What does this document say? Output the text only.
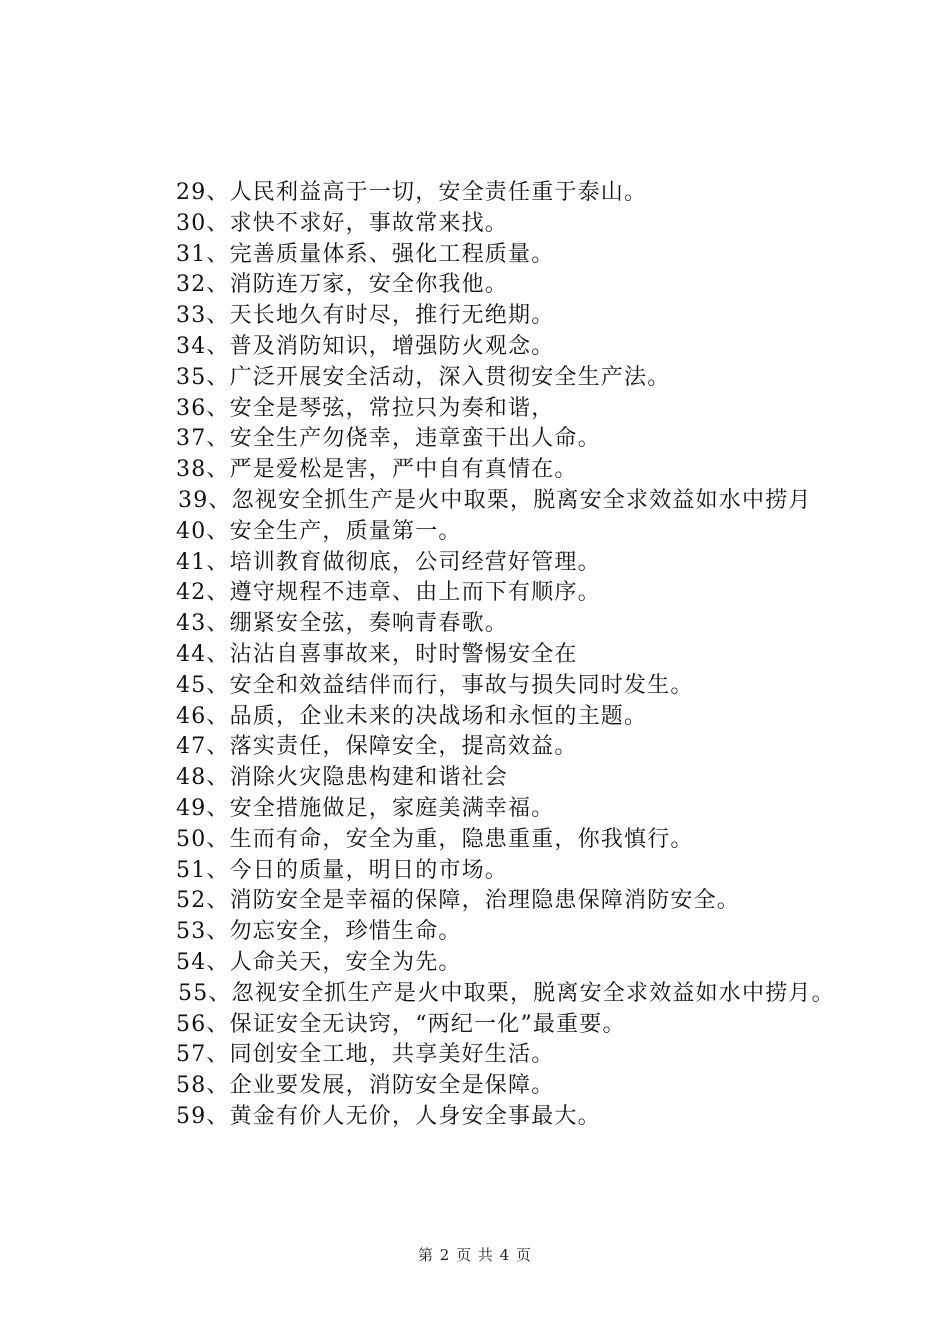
29、人民利益高于一切，安全责任重于泰山。
30、求快不求好，事故常来找。
31、完善质量体系、强化工程质量。
32、消防连万家，安全你我他。
33、天长地久有时尽，推行无绝期。
34、普及消防知识，增强防火观念。
35、广泛开展安全活动，深入贯彻安全生产法。
36、安全是琴弦，常拉只为奏和谐，
37、安全生产勿侥幸，违章蛮干出人命。
38、严是爱松是害，严中自有真情在。
39、忽视安全抓生产是火中取栗，脱离安全求效益如水中捞月
40、安全生产，质量第一。
41、培训教育做彻底，公司经营好管理。
42、遵守规程不违章、由上而下有顺序。
43、绷紧安全弦，奏响青春歌。
44、沾沾自喜事故来，时时警惕安全在
45、安全和效益结伴而行，事故与损失同时发生。
46、品质，企业未来的决战场和永恒的主题。
47、落实责任，保障安全，提高效益。
48、消除火灾隐患构建和谐社会
49、安全措施做足，家庭美满幸福。
50、生而有命，安全为重，隐患重重，你我慎行。
51、今日的质量，明日的市场。
52、消防安全是幸福的保障，治理隐患保障消防安全。
53、勿忘安全，珍惜生命。
54、人命关天，安全为先。
55、忽视安全抓生产是火中取栗，脱离安全求效益如水中捞月。
56、保证安全无诀窍，“两纪一化”最重要。
57、同创安全工地，共享美好生活。
58、企业要发展，消防安全是保障。
59、黄金有价人无价，人身安全事最大。
第 2 页 共 4 页
